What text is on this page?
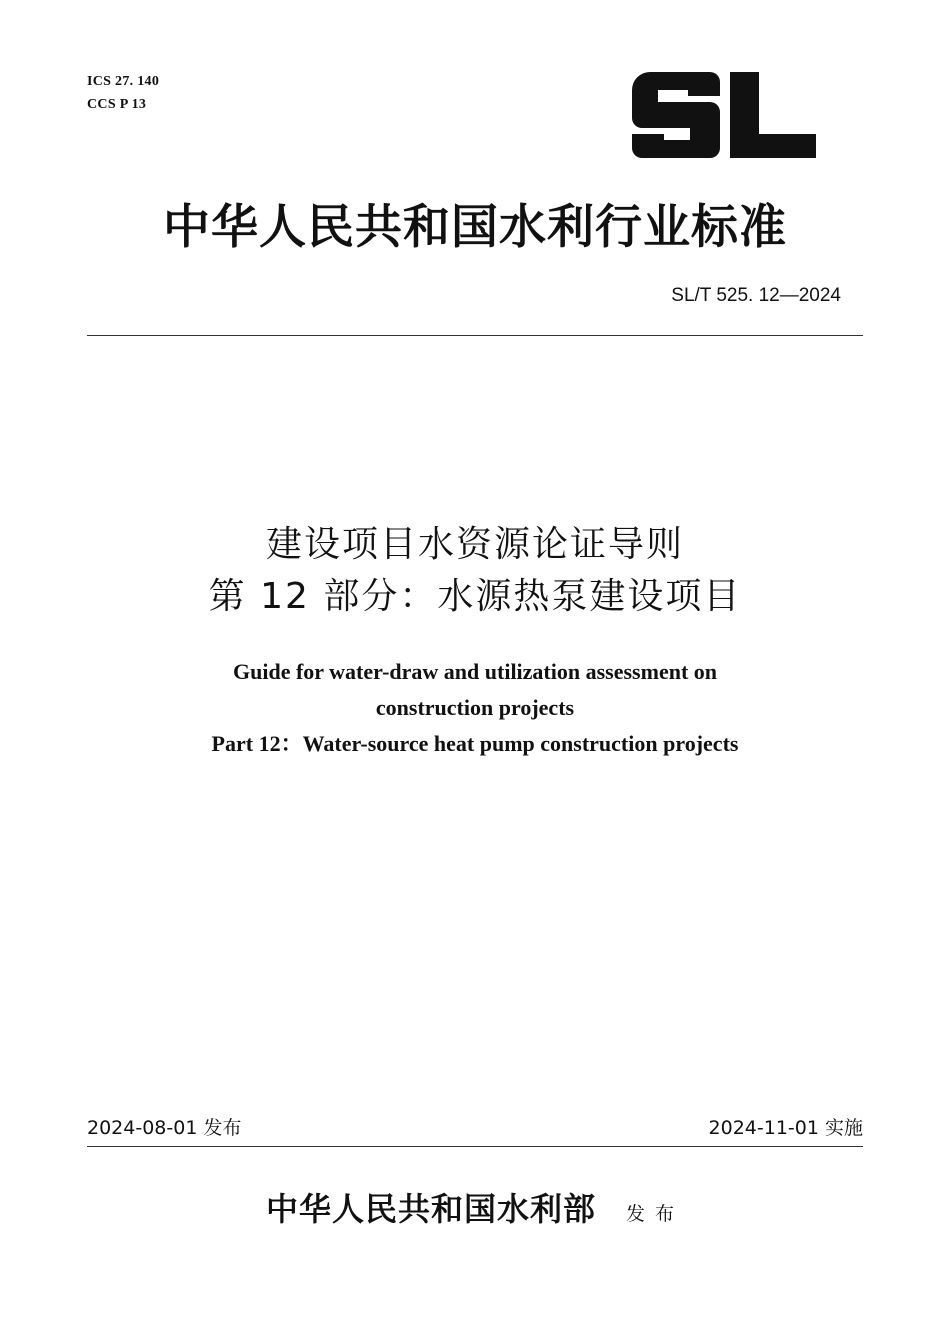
ICS 27. 140
CCS P 13
中华人民共和国水利行业标准
SL/T 525. 12—2024
建设项目水资源论证导则
第 12 部分：水源热泵建设项目
Guide for water-draw and utilization assessment on
construction projects
Part 12：Water-source heat pump construction projects
2024-08-01 发布	2024-11-01 实施
中华人民共和国水利部 发布
